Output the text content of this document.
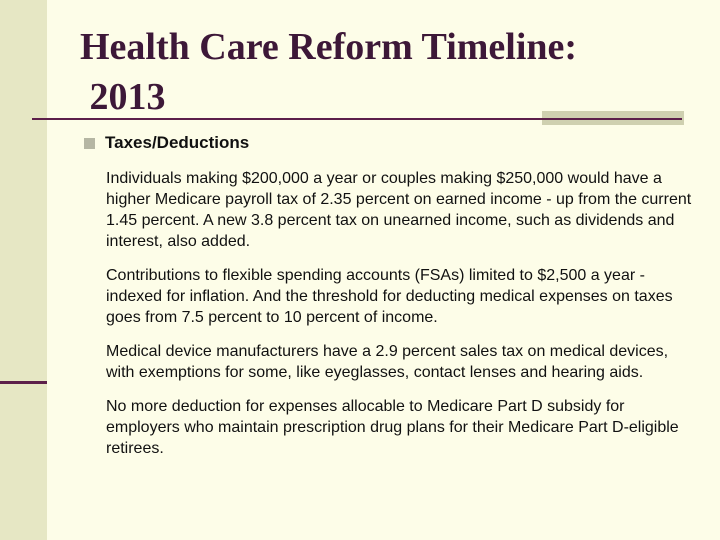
Health Care Reform Timeline:
2013
Taxes/Deductions

Individuals making $200,000 a year or couples making $250,000 would have a higher Medicare payroll tax of 2.35 percent on earned income - up from the current 1.45 percent. A new 3.8 percent tax on unearned income, such as dividends and interest, also added.

Contributions to flexible spending accounts (FSAs) limited to $2,500 a year - indexed for inflation. And the threshold for deducting medical expenses on taxes goes from 7.5 percent to 10 percent of income.

Medical device manufacturers have a 2.9 percent sales tax on medical devices, with exemptions for some, like eyeglasses, contact lenses and hearing aids.

No more deduction for expenses allocable to Medicare Part D subsidy for employers who maintain prescription drug plans for their Medicare Part D-eligible retirees.
